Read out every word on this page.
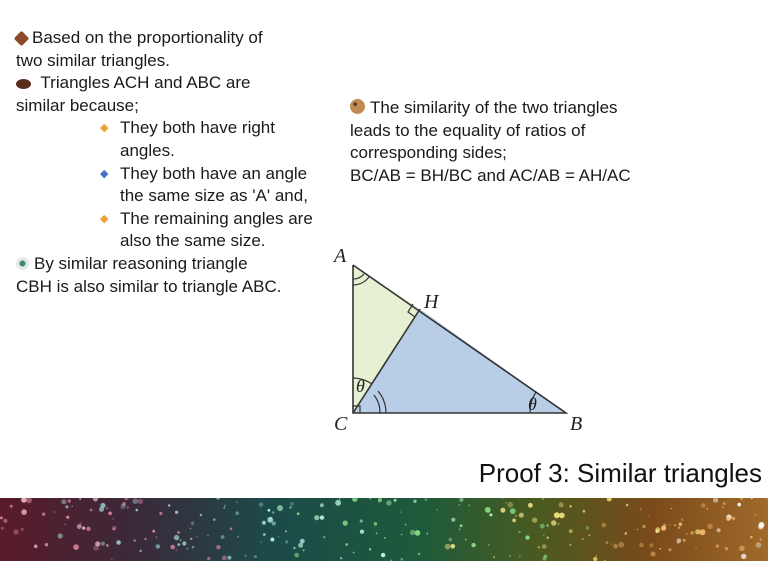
Based on the proportionality of
two similar triangles.
Triangles ACH and ABC are
similar because;
◆ They both have right
angles.
◆ They both have an angle
the same size as 'A' and,
◆ The remaining angles are
also the same size.
By similar reasoning triangle
CBH is also similar to triangle ABC.
The similarity of the two triangles
leads to the equality of ratios of
corresponding sides;
BC/AB = BH/BC and AC/AB = AH/AC
A
C	B
H
θ
θ
Proof 3: Similar triangles
